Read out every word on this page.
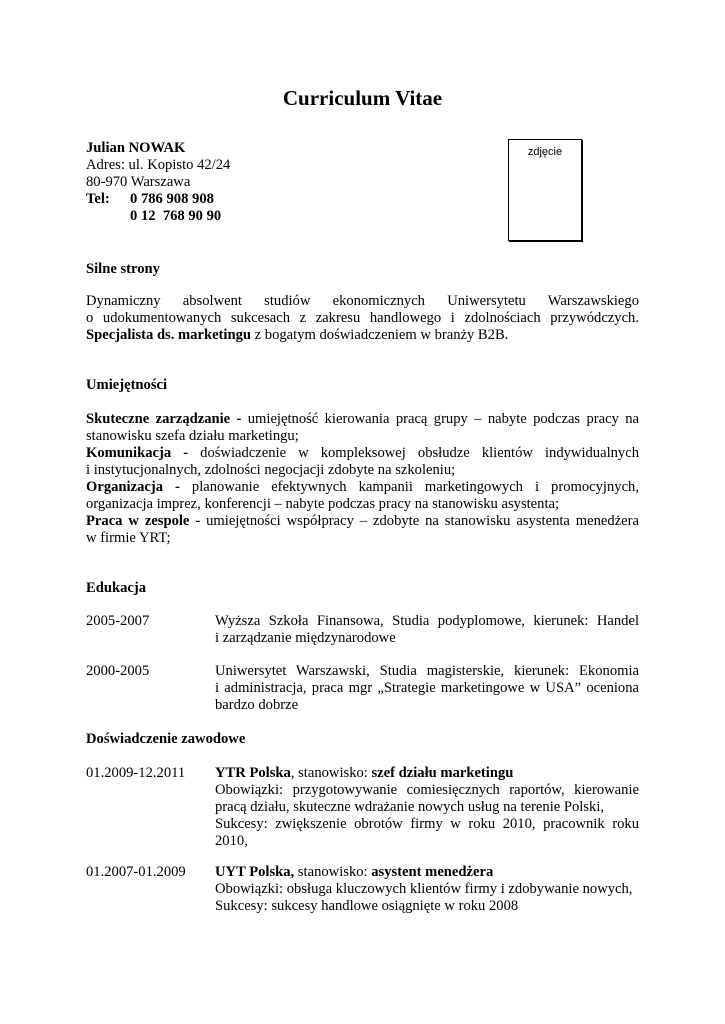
Curriculum Vitae
Julian NOWAK
Adres: ul. Kopisto 42/24
80-970 Warszawa
Tel: 0 786 908 908
0 12  768 90 90
zdjęcie
Silne strony
Dynamiczny absolwent studiów ekonomicznych Uniwersytetu Warszawskiego
o udokumentowanych sukcesach z zakresu handlowego i zdolnościach przywódczych.
Specjalista ds. marketingu z bogatym doświadczeniem w branży B2B.
Umiejętności
Skuteczne zarządzanie - umiejętność kierowania pracą grupy – nabyte podczas pracy na
stanowisku szefa działu marketingu;
Komunikacja - doświadczenie w kompleksowej obsłudze klientów indywidualnych
i instytucjonalnych, zdolności negocjacji zdobyte na szkoleniu;
Organizacja - planowanie efektywnych kampanii marketingowych i promocyjnych,
organizacja imprez, konferencji – nabyte podczas pracy na stanowisku asystenta;
Praca w zespole - umiejętności współpracy – zdobyte na stanowisku asystenta menedżera
w firmie YRT;
Edukacja
2005-2007	Wyższa Szkoła Finansowa, Studia podyplomowe, kierunek: Handel
i zarządzanie międzynarodowe
2000-2005	Uniwersytet Warszawski, Studia magisterskie, kierunek: Ekonomia
i administracja, praca mgr „Strategie marketingowe w USA” oceniona
bardzo dobrze
Doświadczenie zawodowe
01.2009-12.2011 YTR Polska, stanowisko: szef działu marketingu
Obowiązki: przygotowywanie comiesięcznych raportów, kierowanie
pracą działu, skuteczne wdrażanie nowych usług na terenie Polski,
Sukcesy: zwiększenie obrotów firmy w roku 2010, pracownik roku
2010,
01.2007-01.2009 UYT Polska, stanowisko: asystent menedżera
Obowiązki: obsługa kluczowych klientów firmy i zdobywanie nowych,
Sukcesy: sukcesy handlowe osiągnięte w roku 2008
